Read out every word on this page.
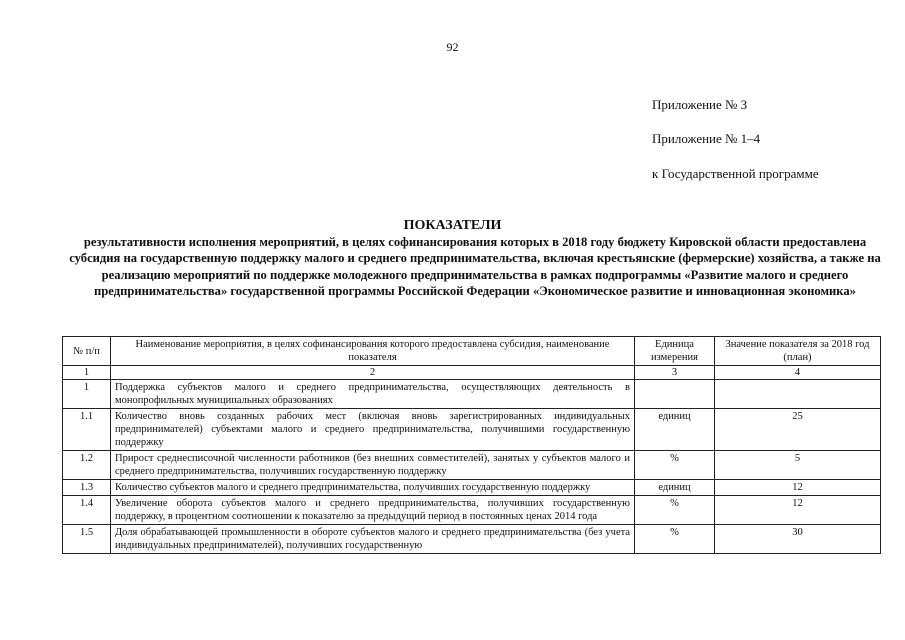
92
Приложение № 3
Приложение № 1–4
к Государственной программе
ПОКАЗАТЕЛИ
результативности исполнения мероприятий, в целях софинансирования которых в 2018 году бюджету Кировской области предоставлена субсидия на государственную поддержку малого и среднего предпринимательства, включая крестьянские (фермерские) хозяйства, а также на реализацию мероприятий по поддержке молодежного предпринимательства в рамках подпрограммы «Развитие малого и среднего предпринимательства» государственной программы Российской Федерации «Экономическое развитие и инновационная экономика»
№ п/п	Наименование мероприятия, в целях софинансирования которого предоставлена субсидия, наименование показателя	Единица измерения	Значение показателя за 2018 год (план)
1	2	3	4
1	Поддержка субъектов малого и среднего предпринимательства, осуществляющих деятельность в монопрофильных муниципальных образованиях		
1.1	Количество вновь созданных рабочих мест (включая вновь зарегистрированных индивидуальных предпринимателей) субъектами малого и среднего предпринимательства, получившими государственную поддержку	единиц	25
1.2	Прирост среднесписочной численности работников (без внешних совместителей), занятых у субъектов малого и среднего предпринимательства, получивших государственную поддержку	%	5
1.3	Количество субъектов малого и среднего предпринимательства, получивших государственную поддержку	единиц	12
1.4	Увеличение оборота субъектов малого и среднего предпринимательства, получивших государственную поддержку, в процентном соотношении к показателю за предыдущий период в постоянных ценах 2014 года	%	12
1.5	Доля обрабатывающей промышленности в обороте субъектов малого и среднего предпринимательства (без учета индивидуальных предпринимателей), получивших государственную	%	30
